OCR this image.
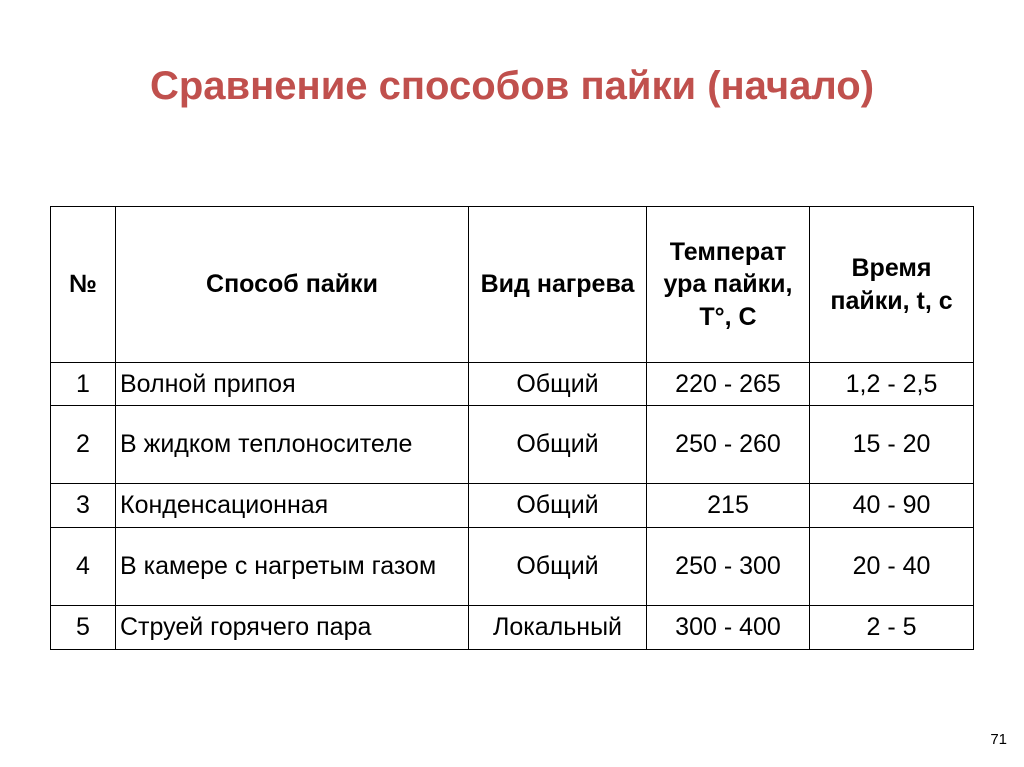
Сравнение способов пайки (начало)
№	Способ пайки	Вид нагрева	Температ ура пайки, T°, C	Время пайки, t, с
1	Волной припоя	Общий	220 - 265	1,2 - 2,5
2	В жидком теплоносителе	Общий	250 - 260	15 - 20
3	Конденсационная	Общий	215	40 - 90
4	В камере с нагретым газом	Общий	250 - 300	20 - 40
5	Струей горячего пара	Локальный	300 - 400	2 - 5
71
